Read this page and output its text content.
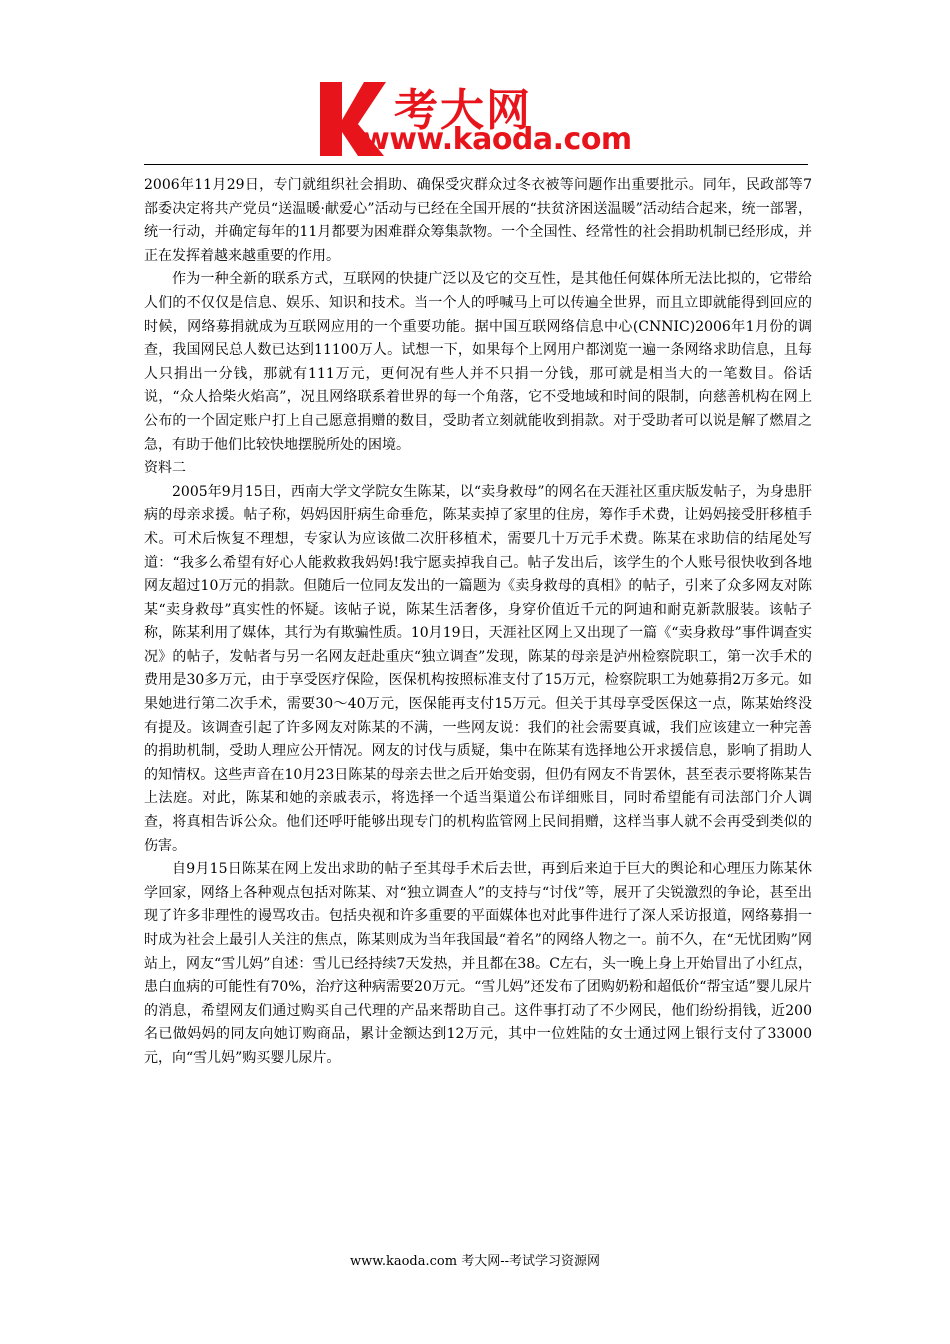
考大网
www.kaoda.com

2006年11月29日，专门就组织社会捐助、确保受灾群众过冬衣被等问题作出重要批示。同年，民政部等7部委决定将共产党员“送温暖·献爱心”活动与已经在全国开展的“扶贫济困送温暖”活动结合起来，统一部署，统一行动，并确定每年的11月都要为困难群众筹集款物。一个全国性、经常性的社会捐助机制已经形成，并正在发挥着越来越重要的作用。

作为一种全新的联系方式，互联网的快捷广泛以及它的交互性，是其他任何媒体所无法比拟的，它带给人们的不仅仅是信息、娱乐、知识和技术。当一个人的呼喊马上可以传遍全世界，而且立即就能得到回应的时候，网络募捐就成为互联网应用的一个重要功能。据中国互联网络信息中心(CNNIC)2006年1月份的调查，我国网民总人数已达到11100万人。试想一下，如果每个上网用户都浏览一遍一条网络求助信息，且每人只捐出一分钱，那就有111万元，更何况有些人并不只捐一分钱，那可就是相当大的一笔数目。俗话说，“众人拾柴火焰高”，况且网络联系着世界的每一个角落，它不受地域和时间的限制，向慈善机构在网上公布的一个固定账户打上自己愿意捐赠的数目，受助者立刻就能收到捐款。对于受助者可以说是解了燃眉之急，有助于他们比较快地摆脱所处的困境。

资料二

2005年9月15日，西南大学文学院女生陈某，以“卖身救母”的网名在天涯社区重庆版发帖子，为身患肝病的母亲求援。帖子称，妈妈因肝病生命垂危，陈某卖掉了家里的住房，筹作手术费，让妈妈接受肝移植手术。可术后恢复不理想，专家认为应该做二次肝移植术，需要几十万元手术费。陈某在求助信的结尾处写道：“我多么希望有好心人能救救我妈妈!我宁愿卖掉我自己。帖子发出后，该学生的个人账号很快收到各地网友超过10万元的捐款。但随后一位同友发出的一篇题为《卖身救母的真相》的帖子，引来了众多网友对陈某“卖身救母”真实性的怀疑。该帖子说，陈某生活奢侈，身穿价值近千元的阿迪和耐克新款服装。该帖子称，陈某利用了媒体，其行为有欺骗性质。10月19日，天涯社区网上又出现了一篇《“卖身救母”事件调查实况》的帖子，发帖者与另一名网友赶赴重庆“独立调查”发现，陈某的母亲是泸州检察院职工，第一次手术的费用是30多万元，由于享受医疗保险，医保机构按照标准支付了15万元，检察院职工为她募捐2万多元。如果她进行第二次手术，需要30～40万元，医保能再支付15万元。但关于其母享受医保这一点，陈某始终没有提及。该调查引起了许多网友对陈某的不满，一些网友说：我们的社会需要真诚，我们应该建立一种完善的捐助机制，受助人理应公开情况。网友的讨伐与质疑，集中在陈某有选择地公开求援信息，影响了捐助人的知情权。这些声音在10月23日陈某的母亲去世之后开始变弱，但仍有网友不肯罢休，甚至表示要将陈某告上法庭。对此，陈某和她的亲戚表示，将选择一个适当渠道公布详细账目，同时希望能有司法部门介人调查，将真相告诉公众。他们还呼吁能够出现专门的机构监管网上民间捐赠，这样当事人就不会再受到类似的伤害。

自9月15日陈某在网上发出求助的帖子至其母手术后去世，再到后来迫于巨大的舆论和心理压力陈某休学回家，网络上各种观点包括对陈某、对“独立调查人”的支持与“讨伐”等，展开了尖锐激烈的争论，甚至出现了许多非理性的谩骂攻击。包括央视和许多重要的平面媒体也对此事件进行了深人采访报道，网络募捐一时成为社会上最引人关注的焦点，陈某则成为当年我国最“着名”的网络人物之一。前不久，在“无忧团购”网站上，网友“雪儿妈”自述：雪儿已经持续7天发热，并且都在38。C左右，头一晚上身上开始冒出了小红点，患白血病的可能性有70%，治疗这种病需要20万元。“雪儿妈”还发布了团购奶粉和超低价“帮宝适”婴儿尿片的消息，希望网友们通过购买自己代理的产品来帮助自己。这件事打动了不少网民，他们纷纷捐钱，近200名已做妈妈的同友向她订购商品，累计金额达到12万元，其中一位姓陆的女士通过网上银行支付了33000元，向“雪儿妈”购买婴儿尿片。

www.kaoda.com 考大网--考试学习资源网
